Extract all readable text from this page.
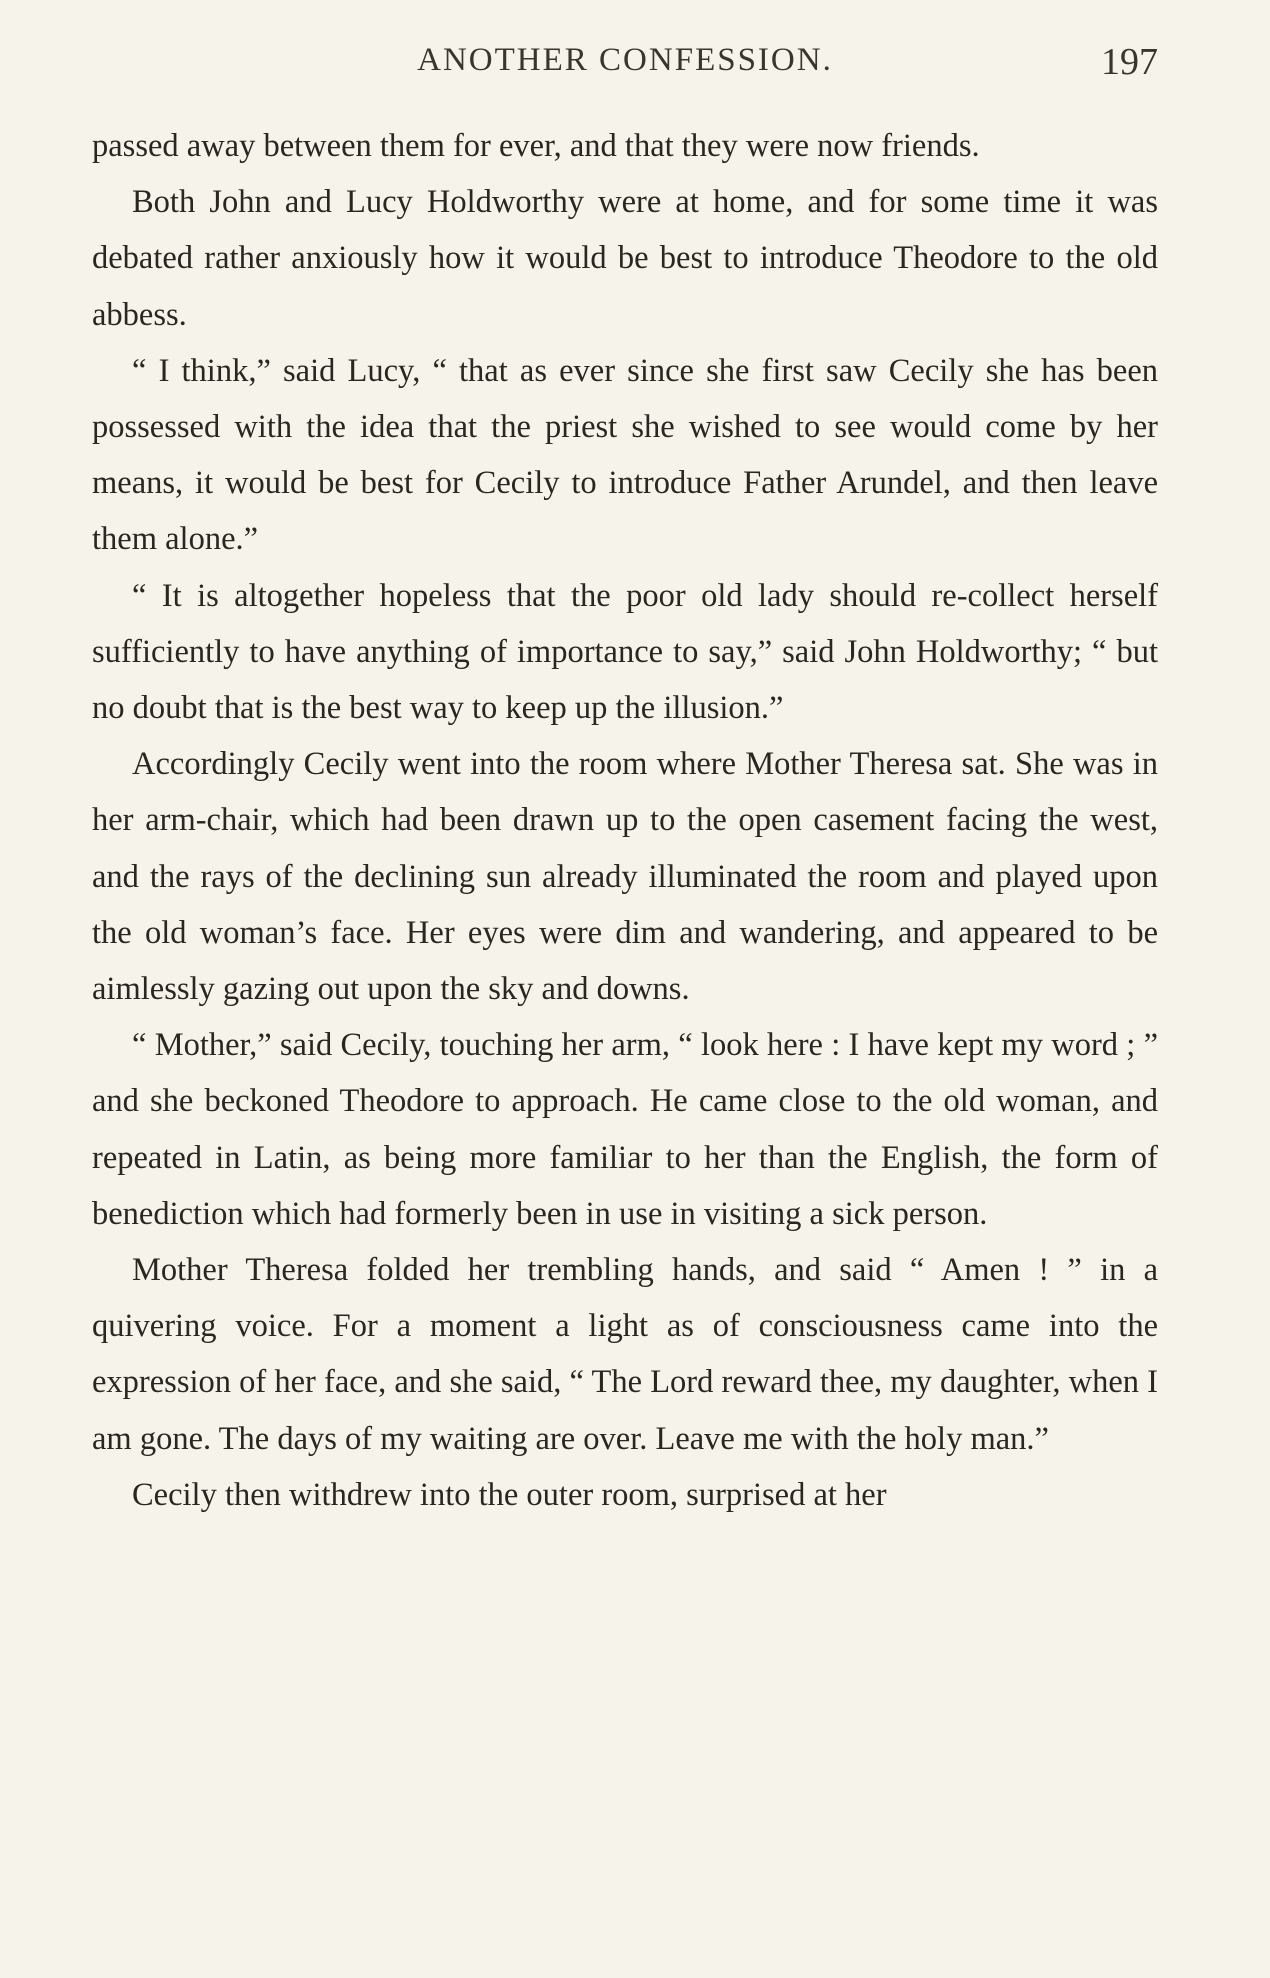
ANOTHER CONFESSION.	197

passed away between them for ever, and that they were now friends.

Both John and Lucy Holdworthy were at home, and for some time it was debated rather anxiously how it would be best to introduce Theodore to the old abbess.

“ I think,” said Lucy, “ that as ever since she first saw Cecily she has been possessed with the idea that the priest she wished to see would come by her means, it would be best for Cecily to introduce Father Arundel, and then leave them alone.”

“ It is altogether hopeless that the poor old lady should re-collect herself sufficiently to have anything of importance to say,” said John Holdworthy; “ but no doubt that is the best way to keep up the illusion.”

Accordingly Cecily went into the room where Mother Theresa sat. She was in her arm-chair, which had been drawn up to the open casement facing the west, and the rays of the declining sun already illuminated the room and played upon the old woman’s face. Her eyes were dim and wandering, and appeared to be aimlessly gazing out upon the sky and downs.

“ Mother,” said Cecily, touching her arm, “ look here : I have kept my word ; ” and she beckoned Theodore to approach. He came close to the old woman, and repeated in Latin, as being more familiar to her than the English, the form of benediction which had formerly been in use in visiting a sick person.

Mother Theresa folded her trembling hands, and said “ Amen ! ” in a quivering voice. For a moment a light as of consciousness came into the expression of her face, and she said, “ The Lord reward thee, my daughter, when I am gone. The days of my waiting are over. Leave me with the holy man.”

Cecily then withdrew into the outer room, surprised at her
